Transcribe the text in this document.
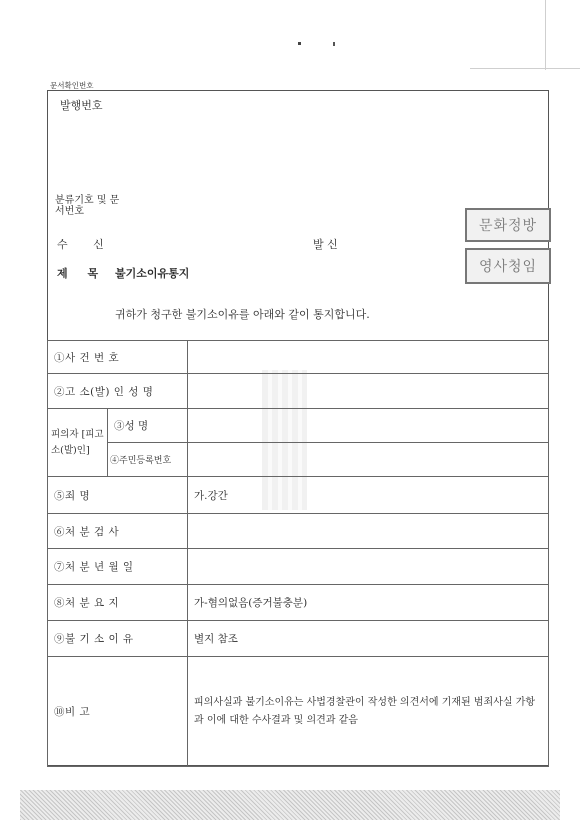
문서확인번호
발행번호
분류기호 및 문서번호
수 신	발 신
제 목 불기소이유통지
문화정방
영사청임
귀하가 청구한 불기소이유를 아래와 같이 통지합니다.
①사 건 번 호		
②고 소(발) 인 성 명		
피의자 [피고소(발)인]	③성 명	
	④주민등록번호	
⑤죄 명		가.강간
⑥처 분 검 사		
⑦처 분 년 월 일		
⑧처 분 요 지		가-혐의없음(증거불충분)
⑨불 기 소 이 유		별지 참조
⑩비 고		피의사실과 불기소이유는 사법경찰관이 작성한 의견서에 기재된 범죄사실 가항과 이에 대한 수사결과 및 의견과 같음
